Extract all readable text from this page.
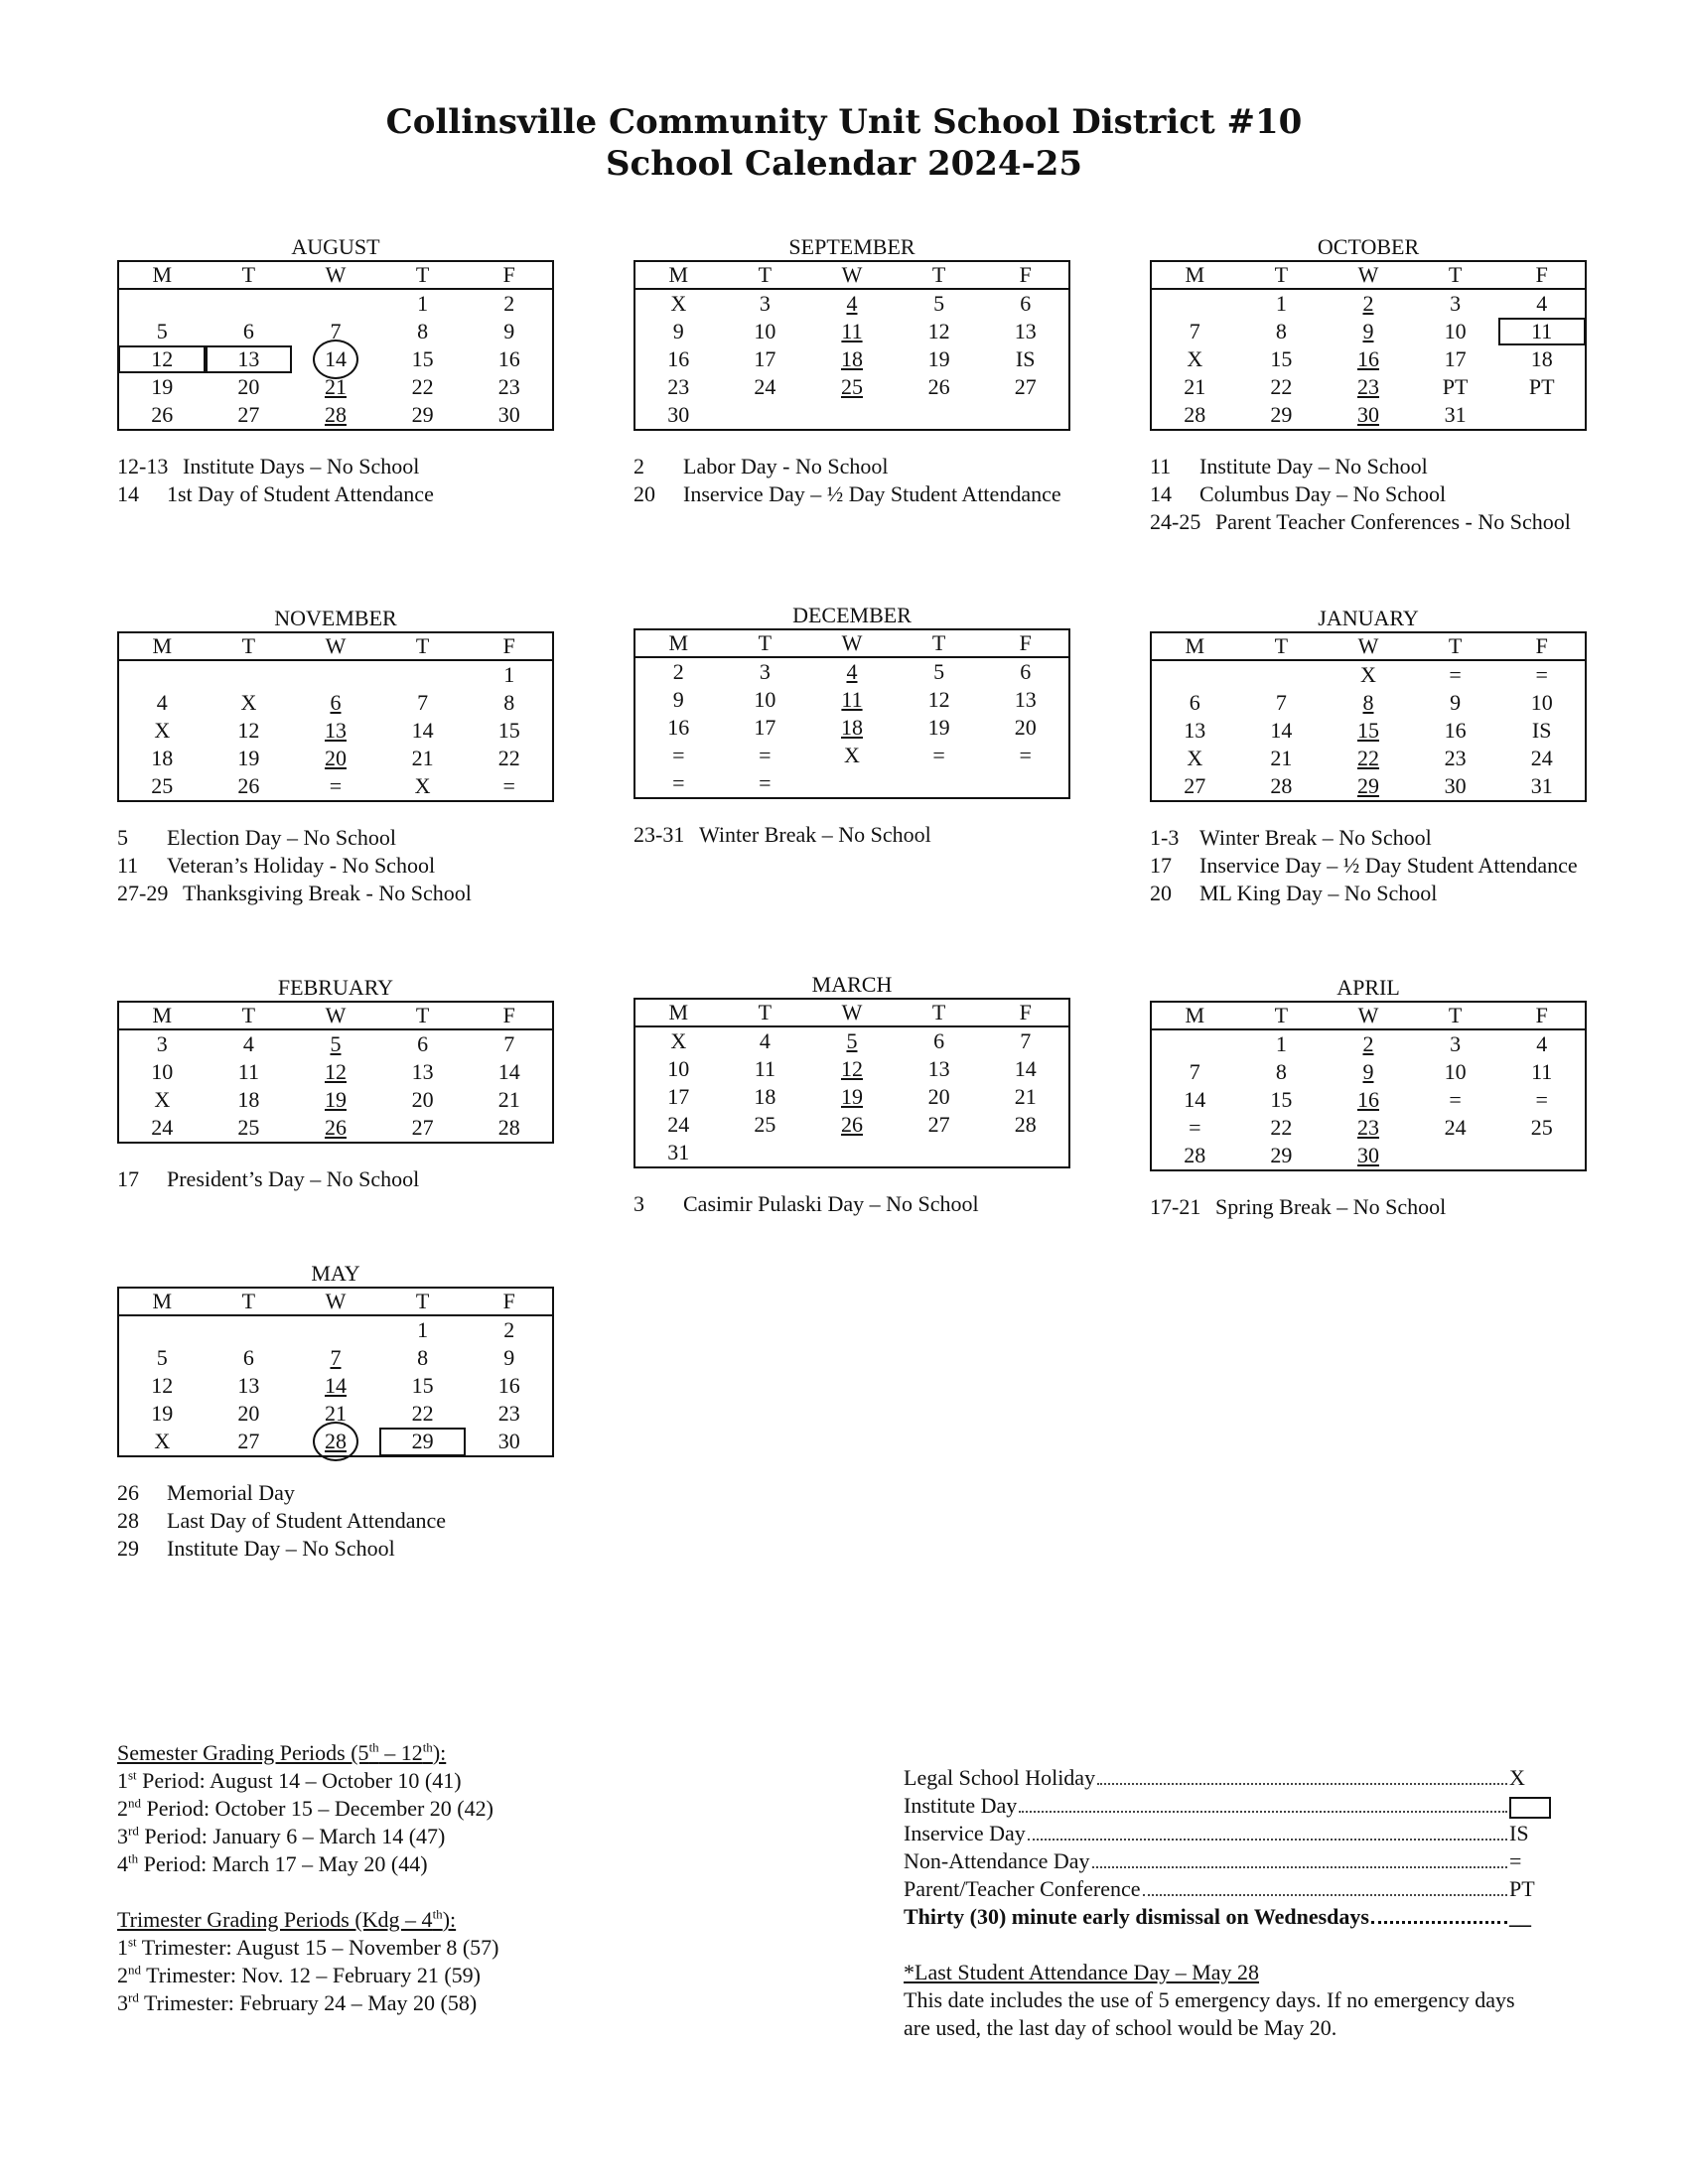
Collinsville Community Unit School District #10
School Calendar 2024-25
AUGUST
M	T	W	T	F
			1	2
5	6	7	8	9
12	13	14	15	16
19	20	21	22	23
26	27	28	29	30
12-13 Institute Days – No School
14	1st Day of Student Attendance
SEPTEMBER
M	T	W	T	F
X	3	4	5	6
9	10	11	12	13
16	17	18	19	IS
23	24	25	26	27
30				
2	Labor Day - No School
20	Inservice Day – ½ Day Student Attendance
OCTOBER
M	T	W	T	F
	1	2	3	4
7	8	9	10	11
X	15	16	17	18
21	22	23	PT	PT
28	29	30	31	
11	Institute Day – No School
14	Columbus Day – No School
24-25 Parent Teacher Conferences - No School
NOVEMBER
M	T	W	T	F
				1
4	X	6	7	8
X	12	13	14	15
18	19	20	21	22
25	26	=	X	=
5	Election Day – No School
11	Veteran’s Holiday - No School
27-29 Thanksgiving Break - No School
DECEMBER
M	T	W	T	F
2	3	4	5	6
9	10	11	12	13
16	17	18	19	20
=	=	X	=	=
=	=			
23-31 Winter Break – No School
JANUARY
M	T	W	T	F
		X	=	=
6	7	8	9	10
13	14	15	16	IS
X	21	22	23	24
27	28	29	30	31
1-3 Winter Break – No School
17	Inservice Day – ½ Day Student Attendance
20	ML King Day – No School
FEBRUARY
M	T	W	T	F
3	4	5	6	7
10	11	12	13	14
X	18	19	20	21
24	25	26	27	28
17	President’s Day – No School
MARCH
M	T	W	T	F
X	4	5	6	7
10	11	12	13	14
17	18	19	20	21
24	25	26	27	28
31				
3	Casimir Pulaski Day – No School
APRIL
M	T	W	T	F
	1	2	3	4
7	8	9	10	11
14	15	16	=	=
=	22	23	24	25
28	29	30		
17-21 Spring Break – No School
MAY
M	T	W	T	F
			1	2
5	6	7	8	9
12	13	14	15	16
19	20	21	22	23
X	27	28	29	30
26	Memorial Day
28	Last Day of Student Attendance
29	Institute Day – No School
Semester Grading Periods (5th – 12th):
1st Period: August 14 – October 10 (41)
2nd Period: October 15 – December 20 (42)
3rd Period: January 6 – March 14 (47)
4th Period: March 17 – May 20 (44)
Trimester Grading Periods (Kdg – 4th):
1st Trimester: August 15 – November 8 (57)
2nd Trimester: Nov. 12 – February 21 (59)
3rd Trimester: February 24 – May 20 (58)
Legal School Holiday	X
Institute Day
Inservice Day	IS
Non-Attendance Day	=
Parent/Teacher Conference	PT
Thirty (30) minute early dismissal on Wednesdays	__
*Last Student Attendance Day – May 28
This date includes the use of 5 emergency days. If no emergency days are used, the last day of school would be May 20.
